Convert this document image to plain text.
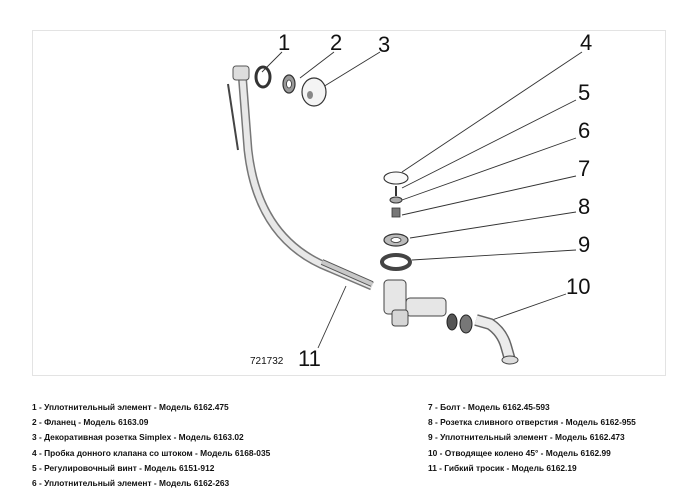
1 2 3	4
5
6
7
8
9
10
11
721732
1 - Уплотнительный элемент - Модель 6162.475
2 - Фланец - Модель 6163.09
3 - Декоративная розетка Simplex - Модель 6163.02
4 - Пробка донного клапана со штоком - Модель 6168-035
5 - Регулировочный винт - Модель 6151-912
6 - Уплотнительный элемент - Модель 6162-263
7 - Болт - Модель 6162.45-593
8 - Розетка сливного отверстия - Модель 6162-955
9 - Уплотнительный элемент - Модель 6162.473
10 - Отводящее колено 45° - Модель 6162.99
11 - Гибкий тросик - Модель 6162.19
